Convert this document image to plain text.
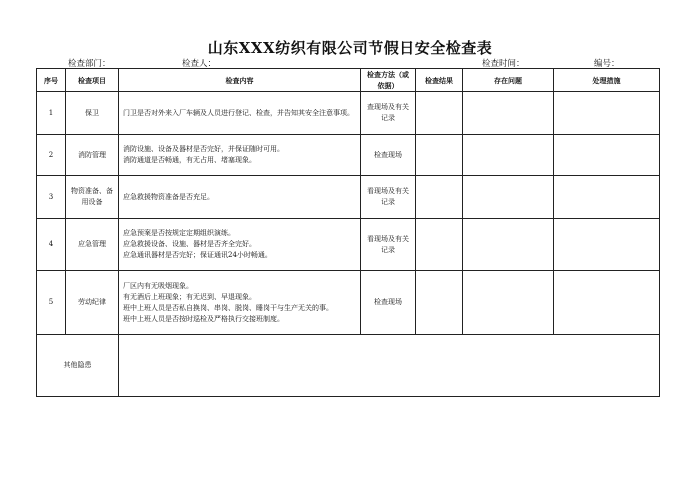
山东XXX纺织有限公司节假日安全检查表
检查部门：	检查人：	检查时间：	编号：
序号	检查项目	检查内容	检查方法（或依据）	检查结果	存在问题	处理措施
1	保卫	门卫是否对外来入厂车辆及人员进行登记、检查，并告知其安全注意事项。	查现场及有关记录			
2	消防管理	消防设施、设备及器材是否完好，并保证随时可用。
消防通道是否畅通，有无占用、堵塞现象。	检查现场			
3	物资准备、备用设备	应急救援物资准备是否充足。	看现场及有关记录			
4	应急管理	应急预案是否按规定定期组织演练。
应急救援设备、设施、器材是否齐全完好。
应急通讯器材是否完好；保证通讯24小时畅通。	看现场及有关记录			
5	劳动纪律	厂区内有无吸烟现象。
有无酒后上班现象；有无迟到、早退现象。
班中上班人员是否私自换岗、串岗、脱岗、睡岗干与生产无关的事。
班中上班人员是否按时巡检及严格执行交接班制度。	检查现场			
其他隐患						
